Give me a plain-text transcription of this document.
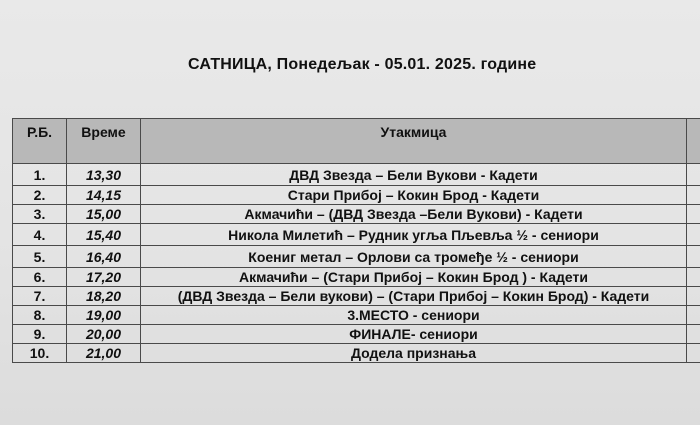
САТНИЦА, Понедељак - 05.01. 2025. године
Р.Б.	Време	Утакмица	
1.	13,30	ДВД Звезда – Бели Вукови - Кадети	
2.	14,15	Стари Прибој – Кокин Брод - Кадети	
3.	15,00	Акмачићи – (ДВД Звезда –Бели Вукови) - Кадети	
4.	15,40	Никола Милетић – Рудник угља Пљевља ½ - сениори	
5.	16,40	Коениг метал – Орлови са тромеђе ½ - сениори	
6.	17,20	Акмачићи – (Стари Прибој – Кокин Брод ) - Кадети	
7.	18,20	(ДВД Звезда – Бели вукови) – (Стари Прибој – Кокин Брод) - Кадети	
8.	19,00	3.МЕСТО - сениори	
9.	20,00	ФИНАЛЕ- сениори	
10.	21,00	Додела признања	
